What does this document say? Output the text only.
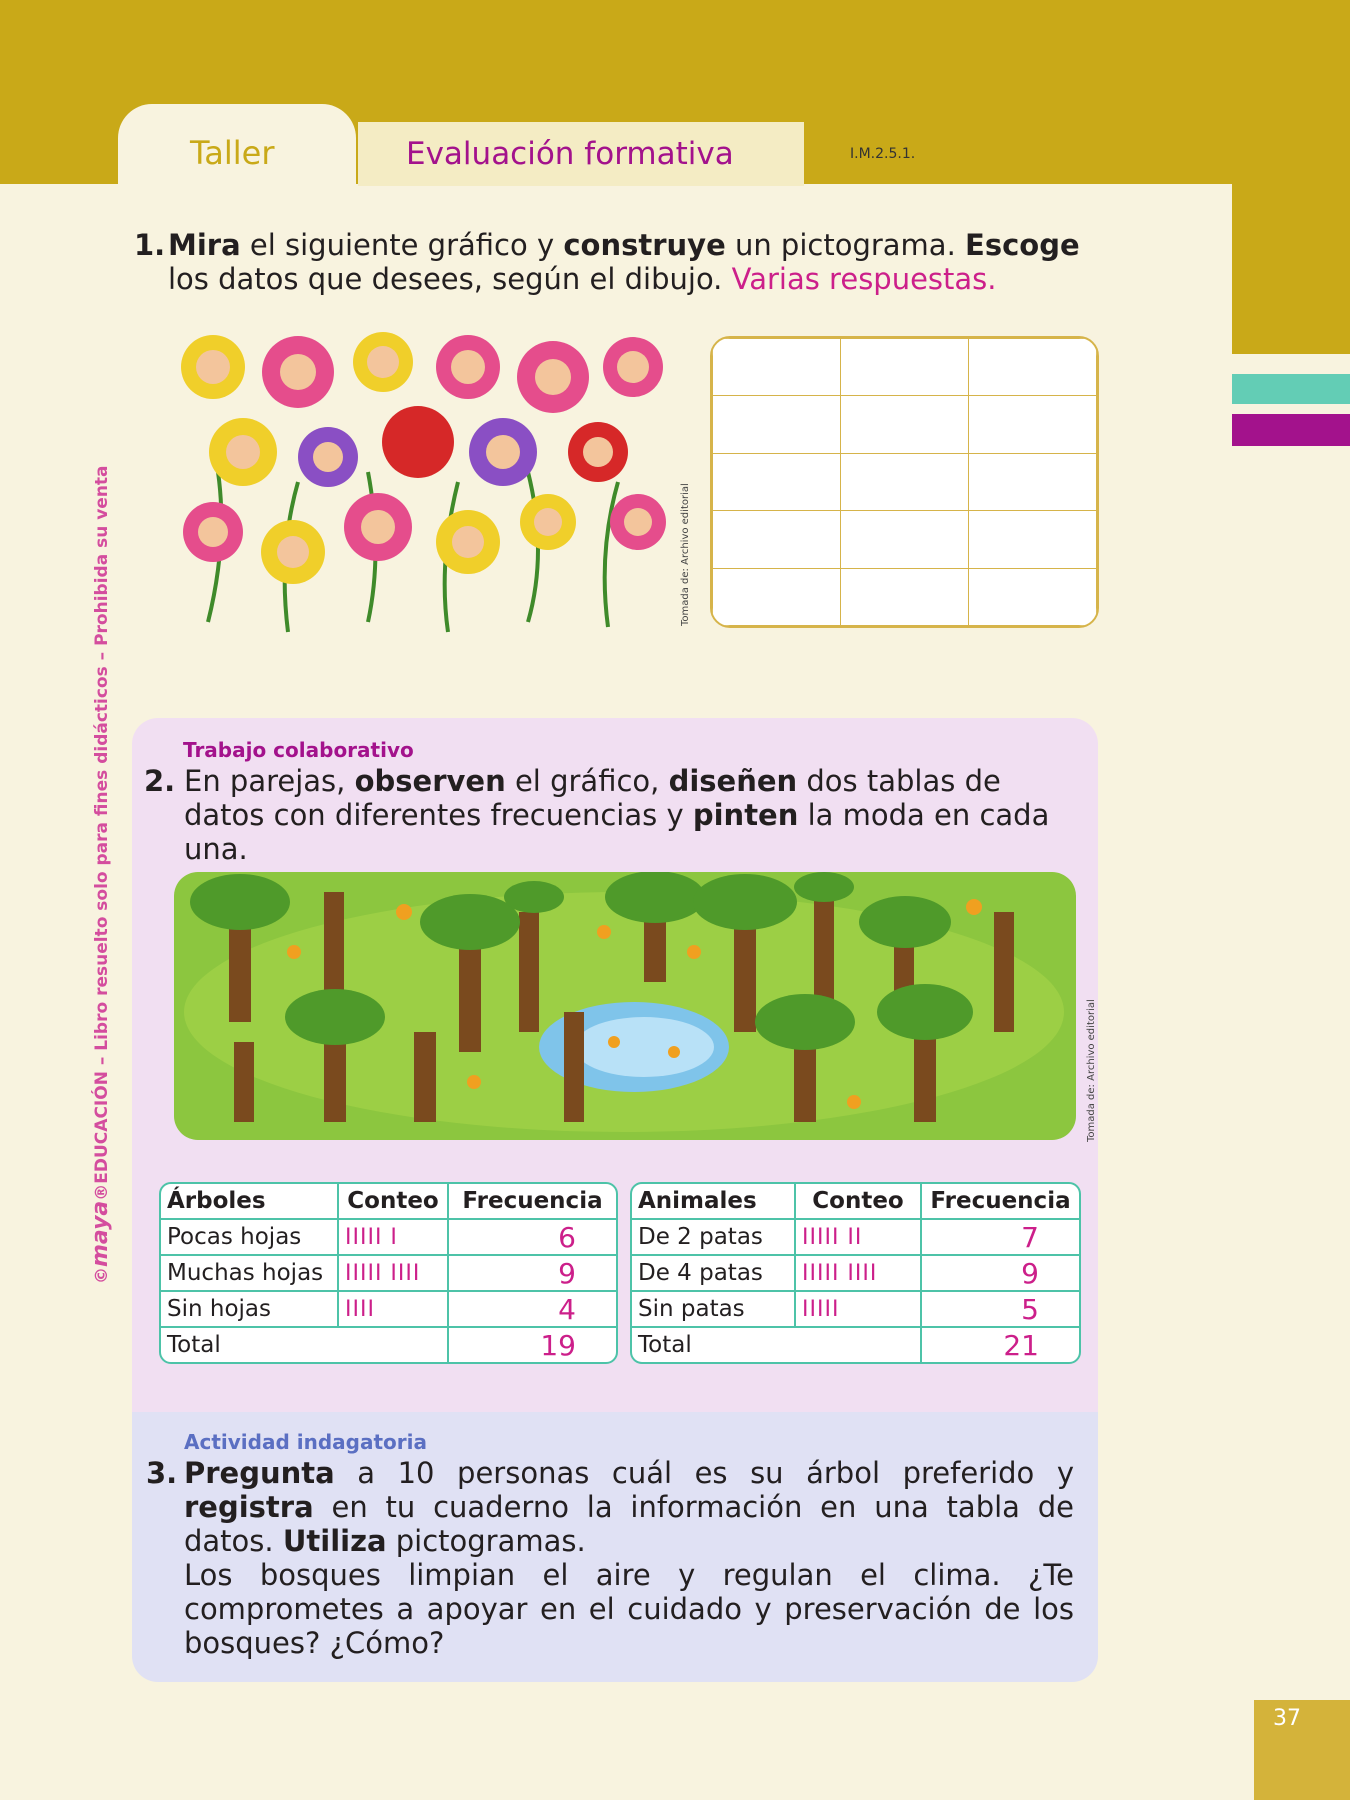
37
Taller	Evaluación formativa	I.M.2.5.1.
©maya®EDUCACIÓN – Libro resuelto solo para fines didácticos – Prohibida su venta
1. Mira el siguiente gráfico y construye un pictograma. Escoge los datos que desees, según el dibujo. Varias respuestas.
Tomada de: Archivo editorial

Trabajo colaborativo
2. En parejas, observen el gráfico, diseñen dos tablas de datos con diferentes frecuencias y pinten la moda en cada una.
Tomada de: Archivo editorial
Árboles	Conteo	Frecuencia
Pocas hojas	IIIII I	6
Muchas hojas	IIIII IIII	9
Sin hojas	IIII	4
Total		19
Animales	Conteo	Frecuencia
De 2 patas	IIIII II	7
De 4 patas	IIIII IIII	9
Sin patas	IIIII	5
Total		21
Actividad indagatoria
3. Pregunta a 10 personas cuál es su árbol preferido y registra en tu cuaderno la información en una tabla de datos. Utiliza pictogramas.
Los bosques limpian el aire y regulan el clima. ¿Te comprometes a apoyar en el cuidado y preservación de los bosques? ¿Cómo?
